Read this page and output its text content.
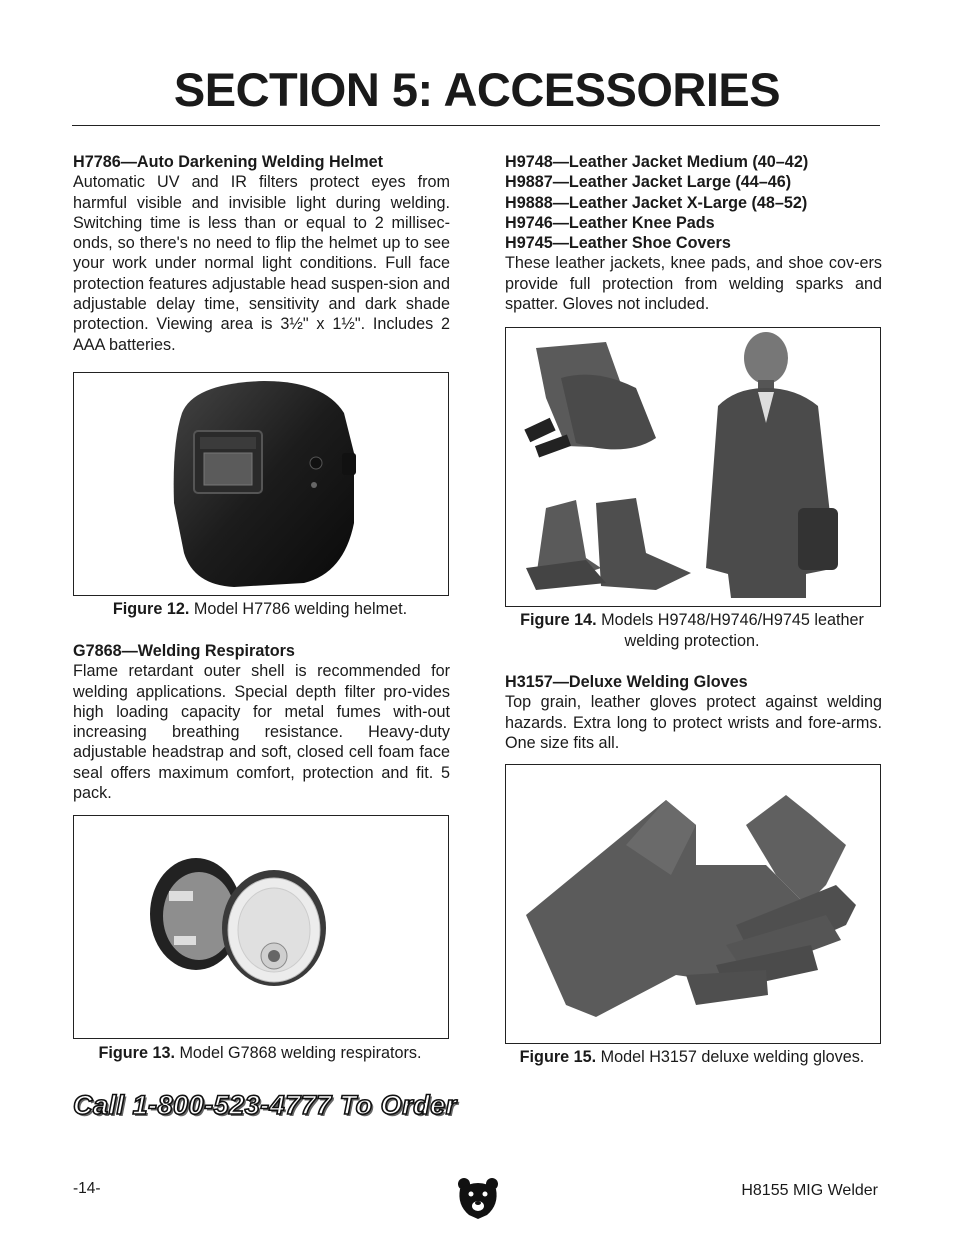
SECTION 5: ACCESSORIES
H7786—Auto Darkening Welding Helmet

Automatic UV and IR filters protect eyes from harmful visible and invisible light during welding. Switching time is less than or equal to 2 millisec-onds, so there's no need to flip the helmet up to see your work under normal light conditions. Full face protection features adjustable head suspen-sion and adjustable delay time, sensitivity and dark shade protection. Viewing area is 3½" x 1½". Includes 2 AAA batteries.

Figure 12. Model H7786 welding helmet.
G7868—Welding Respirators

Flame retardant outer shell is recommended for welding applications. Special depth filter pro-vides high loading capacity for metal fumes with-out increasing breathing resistance. Heavy-duty adjustable headstrap and soft, closed cell foam face seal offers maximum comfort, protection and fit. 5 pack.

Figure 13. Model G7868 welding respirators.
H9748—Leather Jacket Medium (40–42)
H9887—Leather Jacket Large (44–46)
H9888—Leather Jacket X-Large (48–52)
H9746—Leather Knee Pads
H9745—Leather Shoe Covers

These leather jackets, knee pads, and shoe cov-ers provide full protection from welding sparks and spatter. Gloves not included.

Figure 14. Models H9748/H9746/H9745 leather welding protection.
H3157—Deluxe Welding Gloves

Top grain, leather gloves protect against welding hazards. Extra long to protect wrists and fore-arms. One size fits all.

Figure 15. Model H3157 deluxe welding gloves.
Call 1-800-523-4777 To Order
-14-	H8155 MIG Welder
